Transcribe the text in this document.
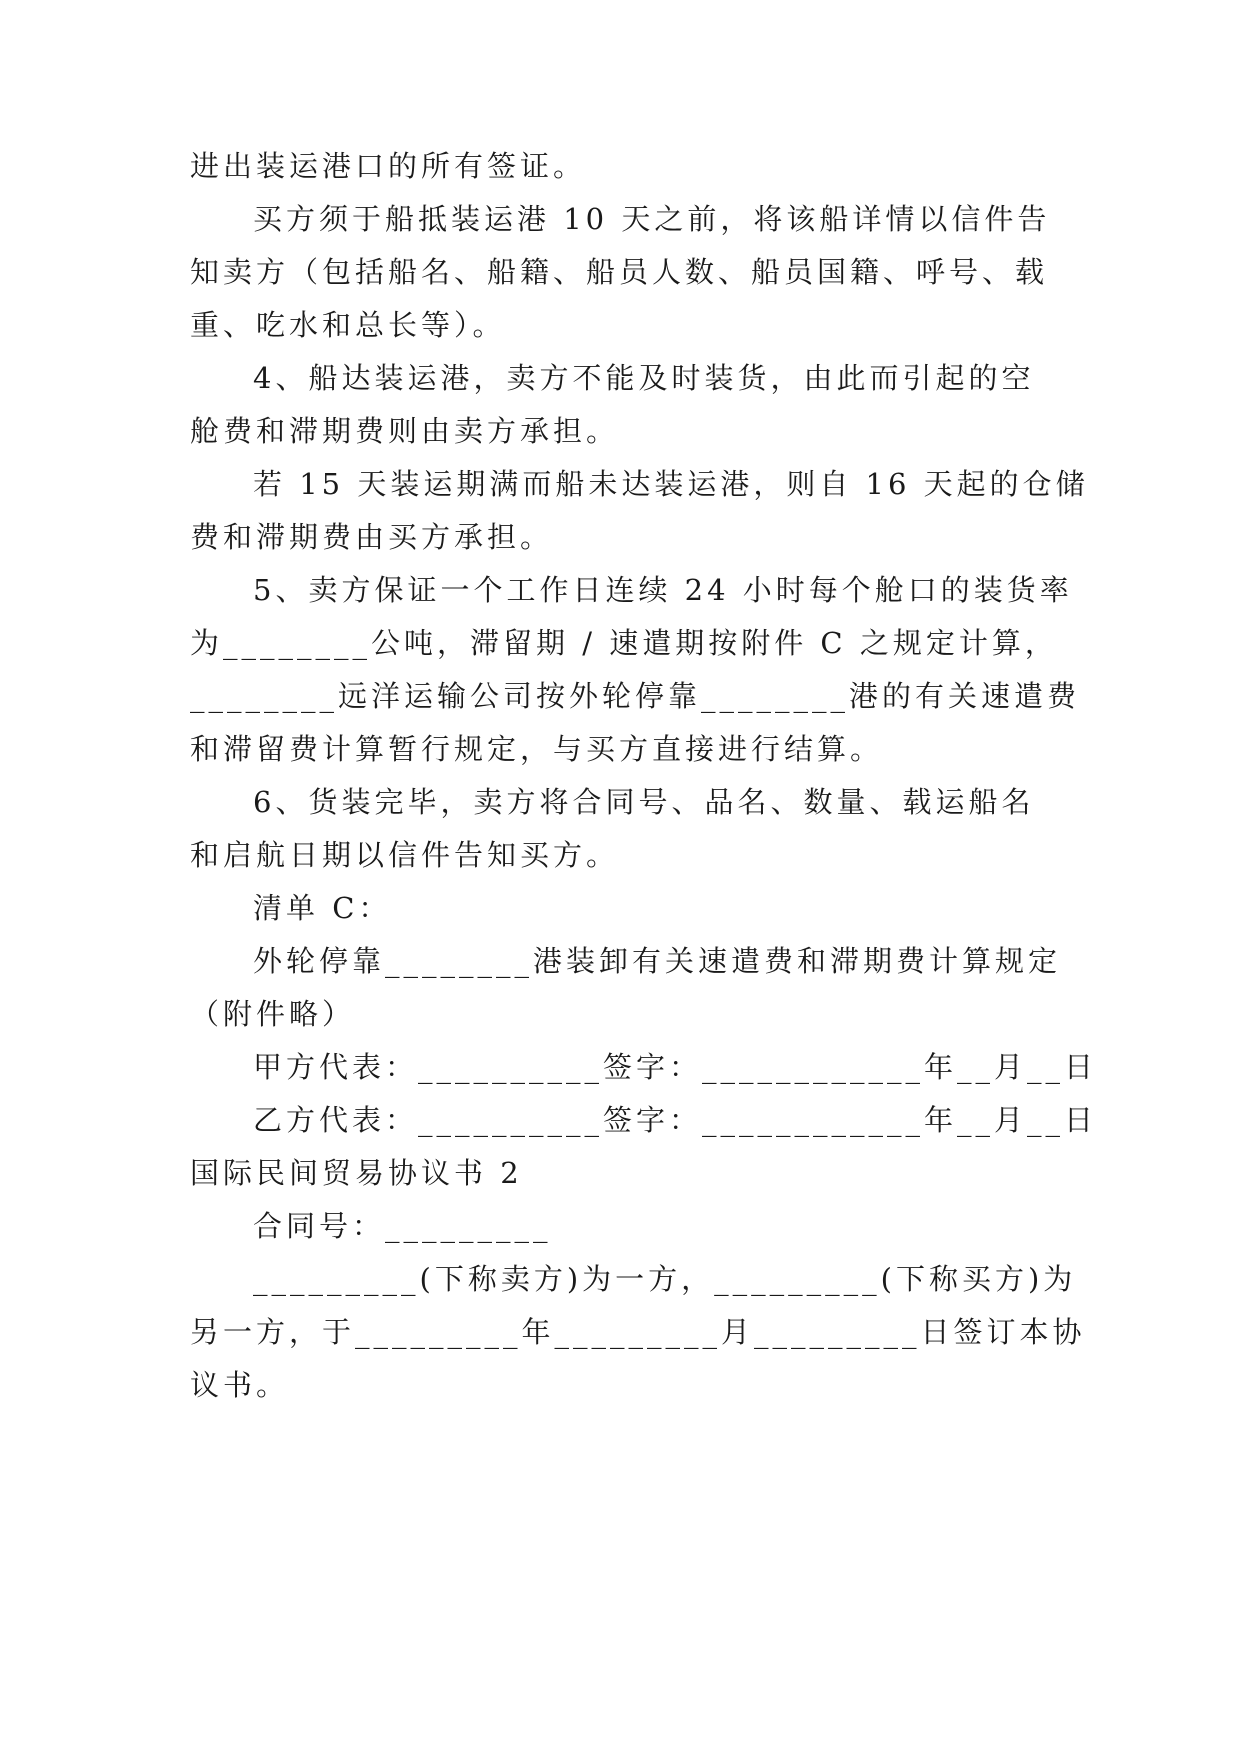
进出装运港口的所有签证。
买方须于船抵装运港 10 天之前，将该船详情以信件告
知卖方（包括船名、船籍、船员人数、船员国籍、呼号、载
重、吃水和总长等）。
4、船达装运港，卖方不能及时装货，由此而引起的空
舱费和滞期费则由卖方承担。
若 15 天装运期满而船未达装运港，则自 16 天起的仓储
费和滞期费由买方承担。
5、卖方保证一个工作日连续 24 小时每个舱口的装货率
为________公吨，滞留期 / 速遣期按附件 C 之规定计算，
________远洋运输公司按外轮停靠________港的有关速遣费
和滞留费计算暂行规定，与买方直接进行结算。
6、货装完毕，卖方将合同号、品名、数量、载运船名
和启航日期以信件告知买方。
清单 C：
外轮停靠________港装卸有关速遣费和滞期费计算规定
（附件略）
甲方代表：__________签字：____________年__月__日
乙方代表：__________签字：____________年__月__日
国际民间贸易协议书 2
合同号：_________
_________(下称卖方)为一方，_________(下称买方)为
另一方，于_________年_________月_________日签订本协
议书。
